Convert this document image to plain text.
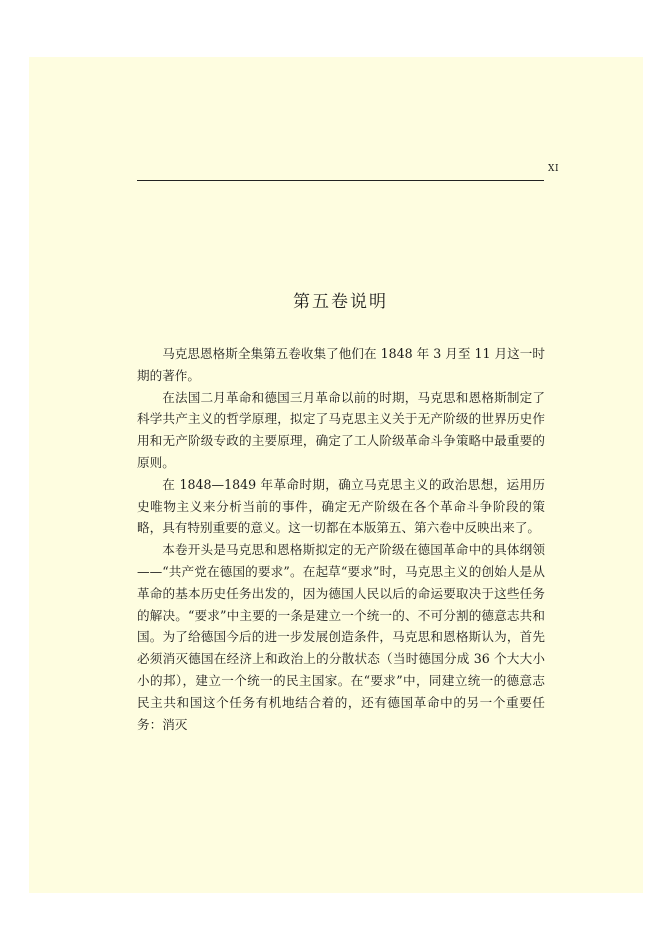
XI
第五卷说明

马克思恩格斯全集第五卷收集了他们在 1848 年 3 月至 11 月这一时期的著作。

在法国二月革命和德国三月革命以前的时期，马克思和恩格斯制定了科学共产主义的哲学原理，拟定了马克思主义关于无产阶级的世界历史作用和无产阶级专政的主要原理，确定了工人阶级革命斗争策略中最重要的原则。

在 1848—1849 年革命时期，确立马克思主义的政治思想，运用历史唯物主义来分析当前的事件，确定无产阶级在各个革命斗争阶段的策略，具有特别重要的意义。这一切都在本版第五、第六卷中反映出来了。

本卷开头是马克思和恩格斯拟定的无产阶级在德国革命中的具体纲领——“共产党在德国的要求”。在起草“要求”时，马克思主义的创始人是从革命的基本历史任务出发的，因为德国人民以后的命运要取决于这些任务的解决。“要求”中主要的一条是建立一个统一的、不可分割的德意志共和国。为了给德国今后的进一步发展创造条件，马克思和恩格斯认为，首先必须消灭德国在经济上和政治上的分散状态（当时德国分成 36 个大大小小的邦），建立一个统一的民主国家。在“要求”中，同建立统一的德意志民主共和国这个任务有机地结合着的，还有德国革命中的另一个重要任务：消灭
